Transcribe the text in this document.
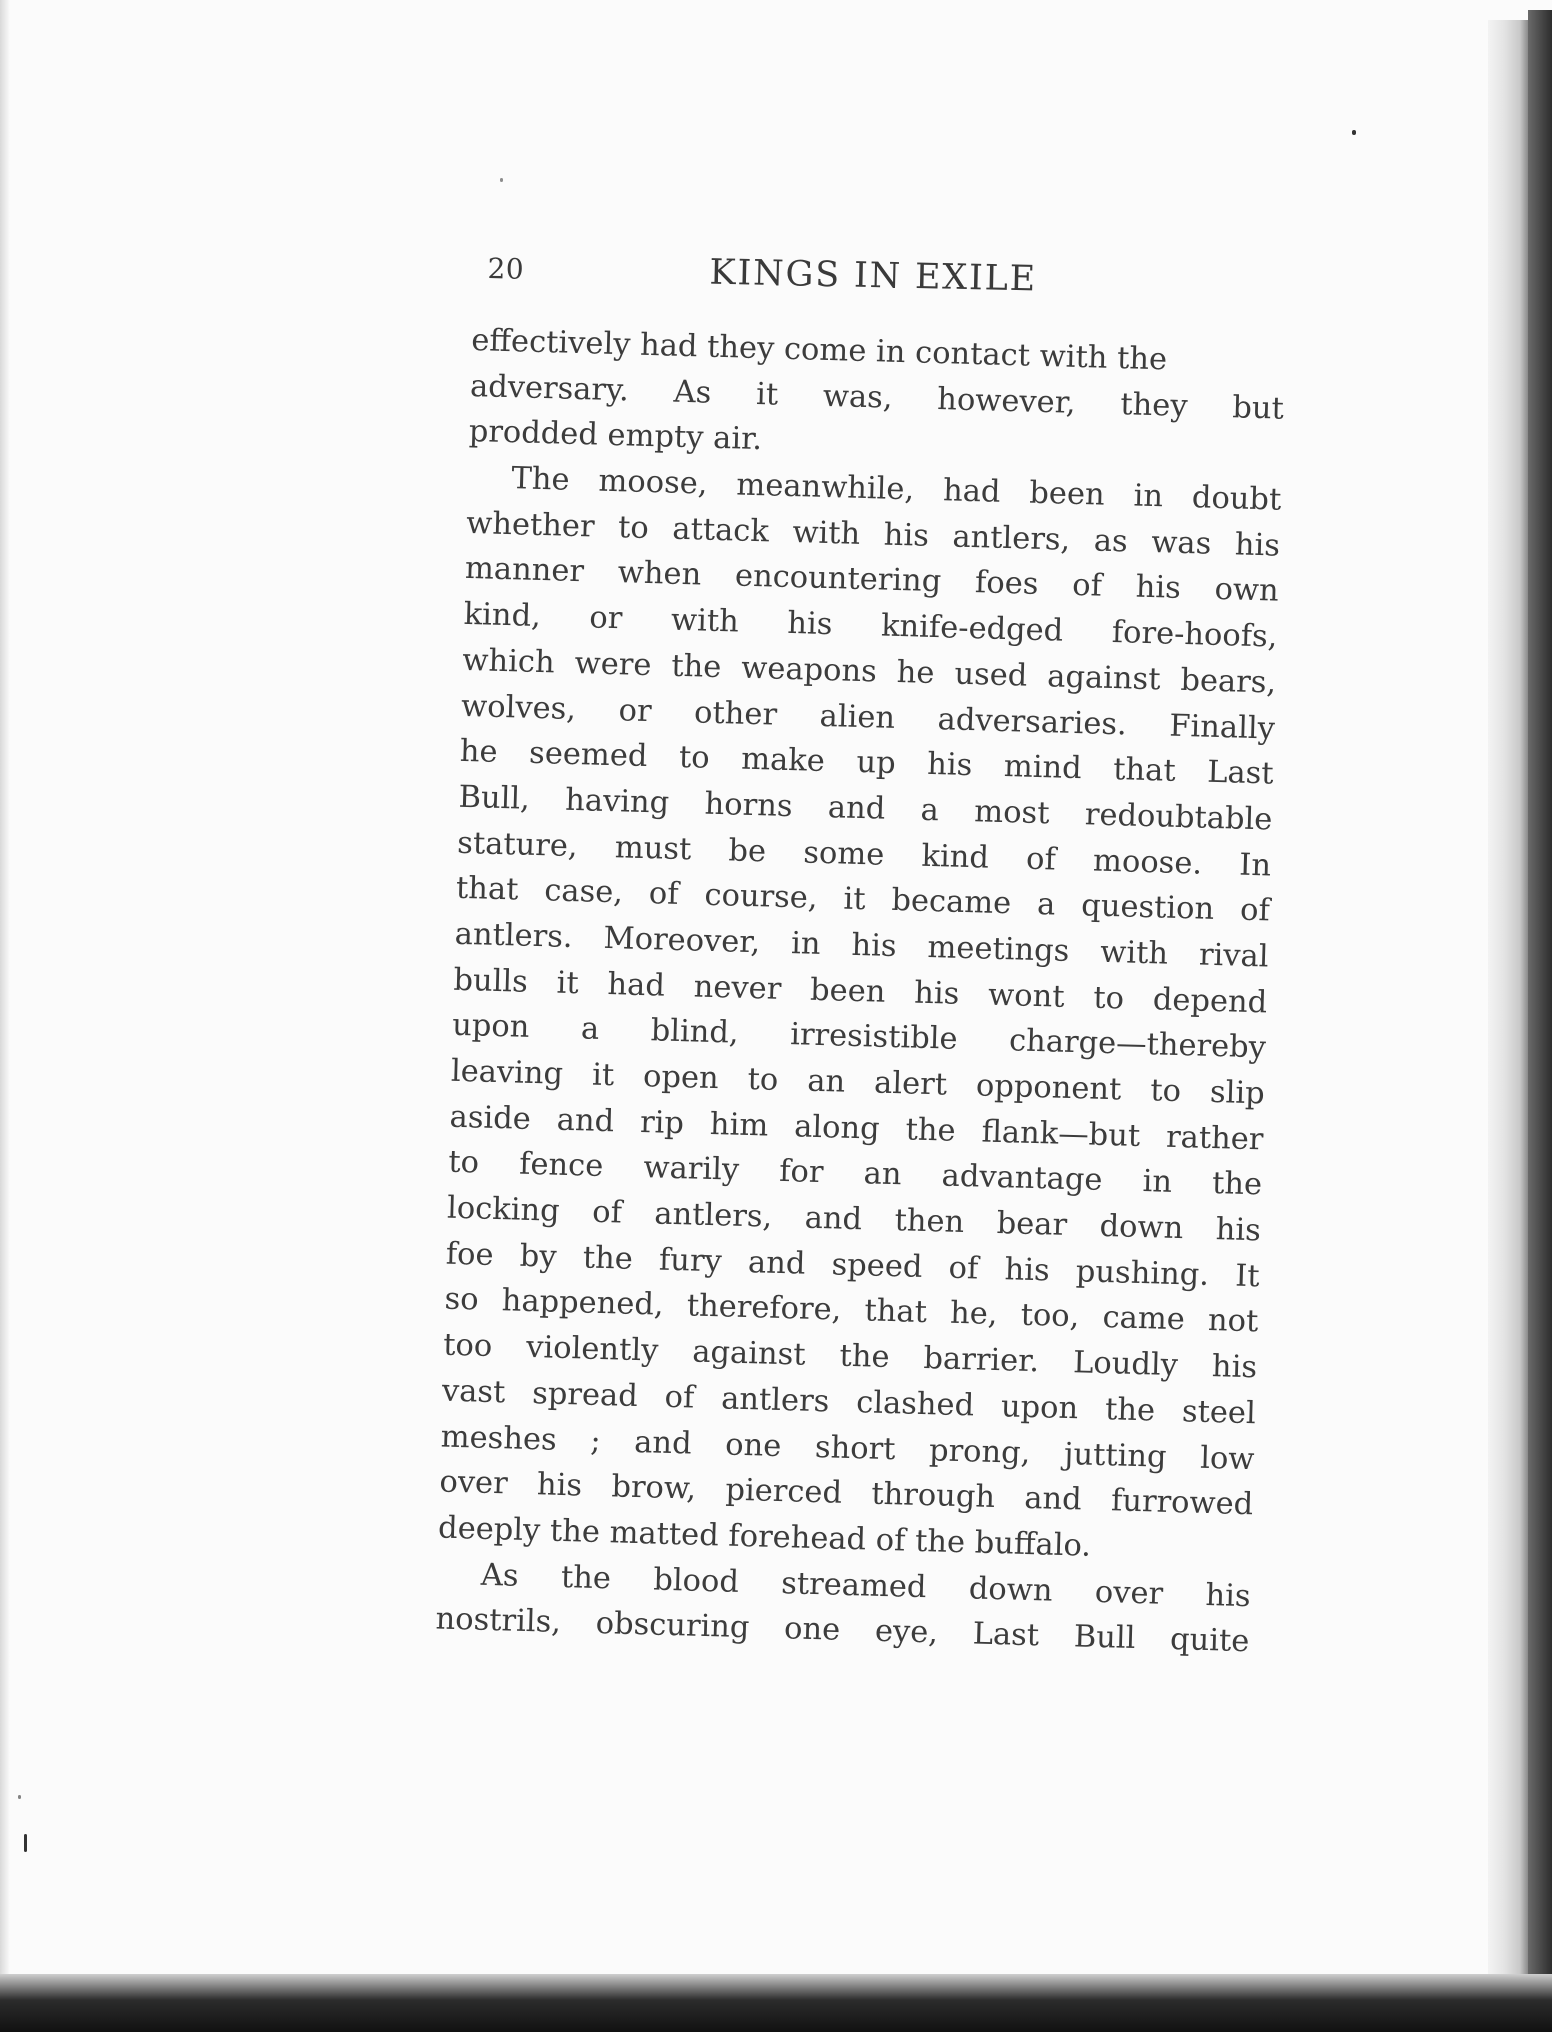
20	KINGS IN EXILE
effectively had they come in contact with the
adversary. As it was, however, they but
prodded empty air.
The moose, meanwhile, had been in doubt
whether to attack with his antlers, as was his
manner when encountering foes of his own
kind, or with his knife-edged fore-hoofs,
which were the weapons he used against bears,
wolves, or other alien adversaries. Finally
he seemed to make up his mind that Last
Bull, having horns and a most redoubtable
stature, must be some kind of moose. In
that case, of course, it became a question of
antlers. Moreover, in his meetings with rival
bulls it had never been his wont to depend
upon a blind, irresistible charge—thereby
leaving it open to an alert opponent to slip
aside and rip him along the flank—but rather
to fence warily for an advantage in the
locking of antlers, and then bear down his
foe by the fury and speed of his pushing. It
so happened, therefore, that he, too, came not
too violently against the barrier. Loudly his
vast spread of antlers clashed upon the steel
meshes ; and one short prong, jutting low
over his brow, pierced through and furrowed
deeply the matted forehead of the buffalo.
As the blood streamed down over his
nostrils, obscuring one eye, Last Bull quite
